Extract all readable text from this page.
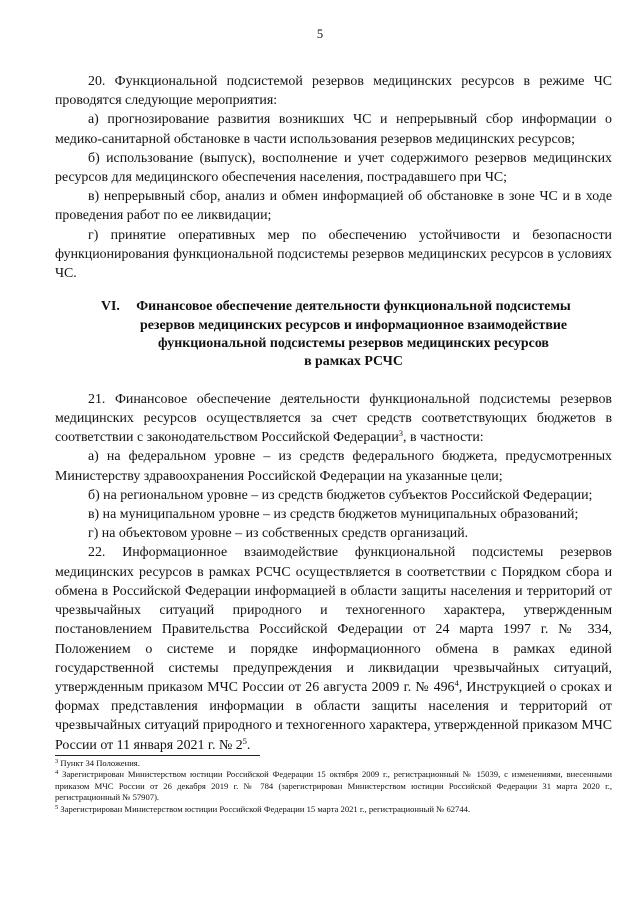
5

20. Функциональной подсистемой резервов медицинских ресурсов в режиме ЧС проводятся следующие мероприятия:

а) прогнозирование развития возникших ЧС и непрерывный сбор информации о медико-санитарной обстановке в части использования резервов медицинских ресурсов;

б) использование (выпуск), восполнение и учет содержимого резервов медицинских ресурсов для медицинского обеспечения населения, пострадавшего при ЧС;

в) непрерывный сбор, анализ и обмен информацией об обстановке в зоне ЧС и в ходе проведения работ по ее ликвидации;

г) принятие оперативных мер по обеспечению устойчивости и безопасности функционирования функциональной подсистемы резервов медицинских ресурсов в условиях ЧС.

VI.	Финансовое обеспечение деятельности функциональной подсистемы
резервов медицинских ресурсов и информационное взаимодействие
функциональной подсистемы резервов медицинских ресурсов
в рамках РСЧС

21. Финансовое обеспечение деятельности функциональной подсистемы резервов медицинских ресурсов осуществляется за счет средств соответствующих бюджетов в соответствии с законодательством Российской Федерации$^3$, в частности:

а) на федеральном уровне – из средств федерального бюджета, предусмотренных Министерству здравоохранения Российской Федерации на указанные цели;

б) на региональном уровне – из средств бюджетов субъектов Российской Федерации;

в) на муниципальном уровне – из средств бюджетов муниципальных образований;

г) на объектовом уровне – из собственных средств организаций.

22. Информационное взаимодействие функциональной подсистемы резервов медицинских ресурсов в рамках РСЧС осуществляется в соответствии с Порядком сбора и обмена в Российской Федерации информацией в области защиты населения и территорий от чрезвычайных ситуаций природного и техногенного характера, утвержденным постановлением Правительства Российской Федерации от 24 марта 1997 г. № 334, Положением о системе и порядке информационного обмена в рамках единой государственной системы предупреждения и ликвидации чрезвычайных ситуаций, утвержденным приказом МЧС России от 26 августа 2009 г. № $496^4$, Инструкцией о сроках и формах представления информации в области защиты населения и территорий от чрезвычайных ситуаций природного и техногенного характера, утвержденной приказом МЧС России от 11 января 2021 г. № $2^5$.

$^3$ Пункт 34 Положения.

$^4$ Зарегистрирован Министерством юстиции Российской Федерации 15 октября 2009 г., регистрационный № 15039, с изменениями, внесенными приказом МЧС России от 26 декабря 2019 г. № 784 (зарегистрирован Министерством юстиции Российской Федерации 31 марта 2020 г., регистрационный № 57907).

$^5$ Зарегистрирован Министерством юстиции Российской Федерации 15 марта 2021 г., регистрационный № 62744.
